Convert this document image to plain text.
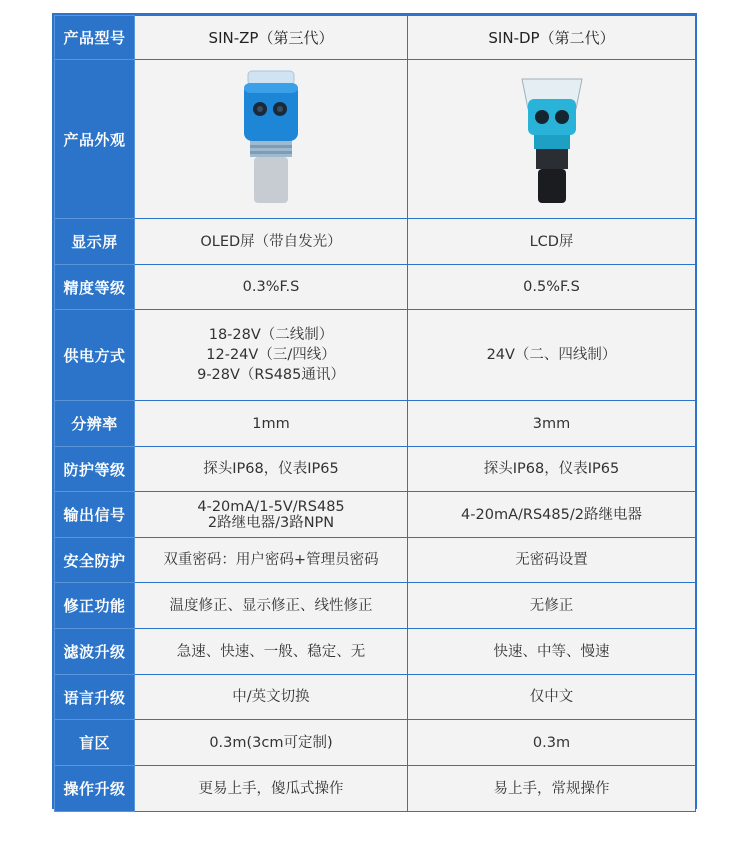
产品型号	SIN-ZP（第三代）	SIN-DP（第二代）
产品外观	

显示屏	OLED屏（带自发光）	LCD屏

精度等级	0.3%F.S	0.5%F.S

供电方式	18-28V（二线制）
12-24V（三/四线）
9-28V（RS485通讯）	24V（二、四线制）

分辨率	1mm	3mm

防护等级	探头IP68，仪表IP65	探头IP68，仪表IP65

输出信号	4-20mA/1-5V/RS485
2路继电器/3路NPN	4-20mA/RS485/2路继电器

安全防护	双重密码：用户密码+管理员密码	无密码设置

修正功能	温度修正、显示修正、线性修正	无修正

滤波升级	急速、快速、一般、稳定、无	快速、中等、慢速

语言升级	中/英文切换	仅中文

盲区	0.3m(3cm可定制)	0.3m

操作升级	更易上手，傻瓜式操作	易上手，常规操作
